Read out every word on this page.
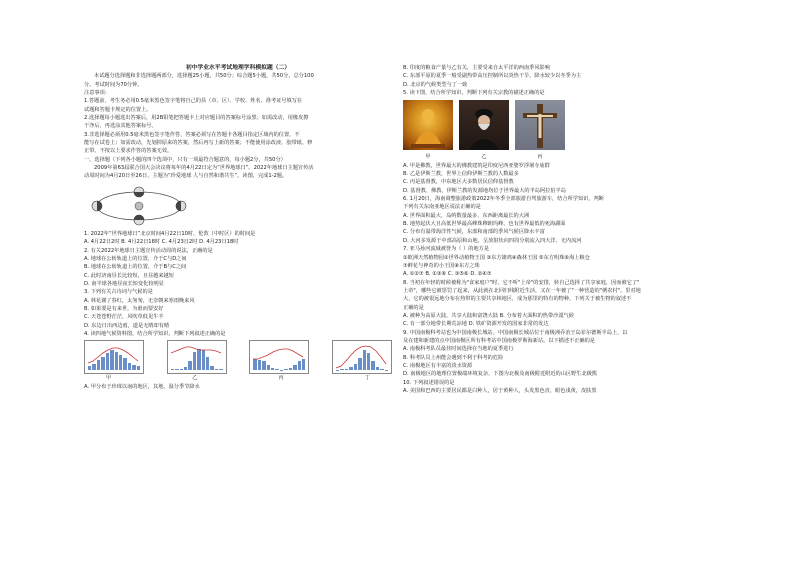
初中学业水平考试地理学科模拟题（二）

本试题分选择题和非选择题两部分，选择题25小题，共50分；综合题5小题，共50分，总分100

分。考试时间为70分钟。

注意事项：

1.答题前，考生务必用0.5毫米黑色签字笔将自己的县（市、区）、学校、姓名、准考证号填写在

试题和答题卡规定的位置上。

2.选择题每小题选出答案后，用2B铅笔把答题卡上对应题目的答案标号涂黑；如需改动，用橡皮擦

干净后，再选涂其他答案标号。

3.非选择题必须用0.5毫米黑色签字笔作答，答案必须写在答题卡各题目指定区域内的位置，不

能写在试卷上；如需改动，先划掉原来的答案，然后再写上新的答案；不能使用涂改液、胶带纸、修

正带。不按以上要求作答的答案无效。

一、选择题（下列各小题的四个选项中，只有一项最符合题意的，每小题2分，共50分）

2009年第63届联合国大会决议将每年的4月22日定为“世界地球日”。2022年地球日主题宣传活

动周时间为4月20日至26日，主题为“珍爱地球 人与自然和谐共生”。读图，完成1-2题。

1. 2022年“世界地球日”北京时间4月22日10时，伦敦（中时区）的时间是

A. 4月22日2时 B. 4月22日18时 C. 4月23日2时 D. 4月23日18时

2. 有关2022年地球日主题宣传活动周的说法，正确的是

A. 地球在公转轨道上的位置，介于C与D之间

B. 地球在公转轨道上的位置，介于B与C之间

C. 此时济南昼长比较短，且昼越来越短

D. 南半球各地昼夜长短变化较明显

3. 下列有关古诗词与气候的是

A. 林花谢了春红，太匆匆，无奈朝来寒雨晚来风

B. 如果要是有来世，为谁而要安好

C. 天苍苍野茫茫，风吹草低见牛羊

D. 东边日出西边雨，道是无晴却有晴

4. 读四地气候资料图，结合所学知识，判断下列叙述正确的是

甲	乙	丙	丁

A. 甲分布于珍珠以南的地区，其地、温分季节降水

B. 印度的粮食产量与乙有关，主要受来自太平洋的西南季风影响

C. 东部平原的夏季一般受副热带高压控制所以炎热干旱，降水较少以冬季为主

D. 北京的气候类型与丁一致

5. 读下图，结合所学知识，判断下列有关宗教的描述正确的是

甲	乙	丙

A. 甲是佛教，世界最大的佛教建筑是印度尼西亚婆罗浮屠寺庙群

B. 乙是伊斯兰教，世界上信仰伊斯兰教的人数最多

C. 丙是基督教，中东地区大多数居民信仰基督教

D. 基督教、佛教、伊斯兰教的发源地均位于世界最大的半岛阿拉伯半岛

6. 1月20日，海南调整旅游政策2022年冬季全部旅游自驾旅游车，结合所学知识，判断

下列有关东南亚地区说法正确的是

A. 世界面积最大、岛屿数量最多、东西距离最长的大洲

B. 地势起伏大且高低世界最高峰珠穆朗玛峰，也有世界最低的死海湖面

C. 分布有温带海洋性气候，东部和南部的季风气候区降水丰富

D. 大河多发源于中部高原和山地，呈放射状向四周分别流入四大洋、无内流河

7. 亚马孙河流域被誉为（ ）的地方是

①欧洲天然植物园②世界动植物王国 ③东方雄鸡④森林王国 ⑤东方明珠⑥海上粮仓

⑦鲜花与神奇的小王国⑧东方之珠

A. ①②⑦ B. ①③⑥ C. ③⑤⑥ D. ②④⑦

8. 当初在年轻的时候被称为"食家庭户"时，它不听"上帝"的安排，转自己选择了共享家庭，因而被它了"

上帝"，哪些它被惩罚了起来，从此就在北回归线附近生活，又在一年被了"一种营造的"例农村"。里对地

大，它的被很远地分布在热带的主要共享林地区，成为那里的特有的物种。下列关于被生物的叙述不

正确的是

A. 被种为高原大陆，共享大陆和富饶大陆 B. 分布着大面积的热带沙漠气候

C. 有一部分地带长期荒凉地 D. 铁矿资源开发的国家非常的发达

9. 中国南极科考站也为中国南极长城站。中国南极长城站位于南极洲乔治王岛菲尔德斯半岛上，以

及在建和新建的点中国南极区所有科考站中国南极罗斯海新站。以下描述不正确的是

A. 南极科考队员最佳时间选择在当地的夏季进行

B. 科考队员上州能会遇到不利于科考的危险

C. 南极地区有丰富的淡水资源

D. 南极地区的地理位置极端环境复杂，下图为北极及南极附近附近的山区野生北极熊

10. 下列叙述错误的是

A. 美国和巴西的主要居民都是白种人，居于黄种人，头发黑色直，眼色浅黄，皮肤黑
